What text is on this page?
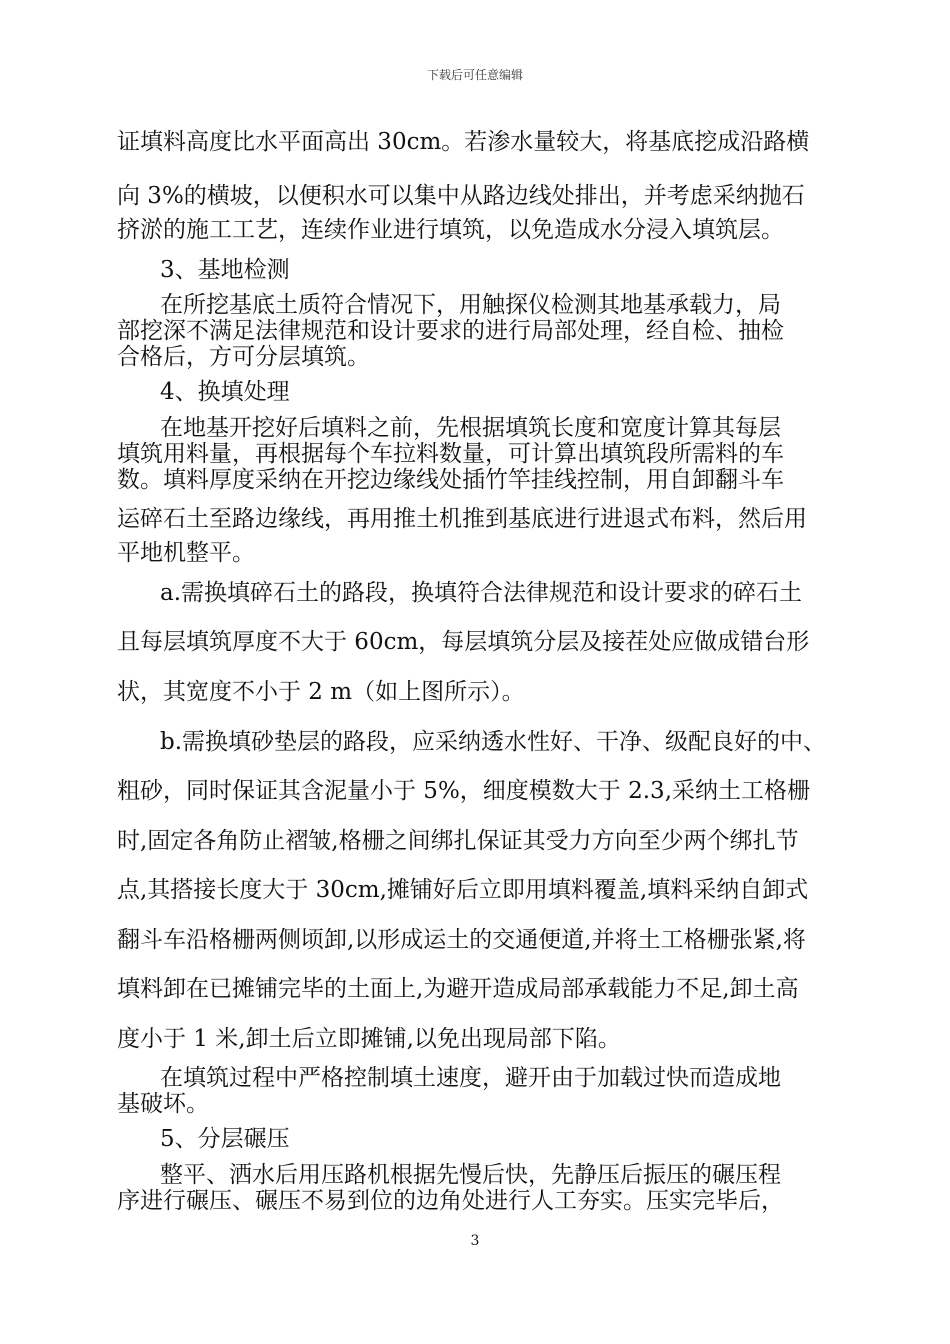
下载后可任意编辑
证填料高度比水平面高出 30cm。若渗水量较大，将基底挖成沿路横
向 3%的横坡，以便积水可以集中从路边线处排出，并考虑采纳抛石
挤淤的施工工艺，连续作业进行填筑，以免造成水分浸入填筑层。
3、基地检测
在所挖基底土质符合情况下，用触探仪检测其地基承载力，局
部挖深不满足法律规范和设计要求的进行局部处理，经自检、抽检
合格后，方可分层填筑。
4、换填处理
在地基开挖好后填料之前，先根据填筑长度和宽度计算其每层
填筑用料量，再根据每个车拉料数量，可计算出填筑段所需料的车
数。填料厚度采纳在开挖边缘线处插竹竿挂线控制，用自卸翻斗车
运碎石土至路边缘线，再用推土机推到基底进行进退式布料，然后用
平地机整平。
a.需换填碎石土的路段，换填符合法律规范和设计要求的碎石土
且每层填筑厚度不大于 60cm，每层填筑分层及接茬处应做成错台形
状，其宽度不小于 2 m（如上图所示）。
b.需换填砂垫层的路段，应采纳透水性好、干净、级配良好的中、
粗砂，同时保证其含泥量小于 5%，细度模数大于 2.3,采纳土工格栅
时,固定各角防止褶皱,格栅之间绑扎保证其受力方向至少两个绑扎节
点,其搭接长度大于 30cm,摊铺好后立即用填料覆盖,填料采纳自卸式
翻斗车沿格栅两侧顷卸,以形成运土的交通便道,并将土工格栅张紧,将
填料卸在已摊铺完毕的土面上,为避开造成局部承载能力不足,卸土高
度小于 1 米,卸土后立即摊铺,以免出现局部下陷。
在填筑过程中严格控制填土速度，避开由于加载过快而造成地
基破坏。
5、分层碾压
整平、洒水后用压路机根据先慢后快，先静压后振压的碾压程
序进行碾压、碾压不易到位的边角处进行人工夯实。压实完毕后，
3
